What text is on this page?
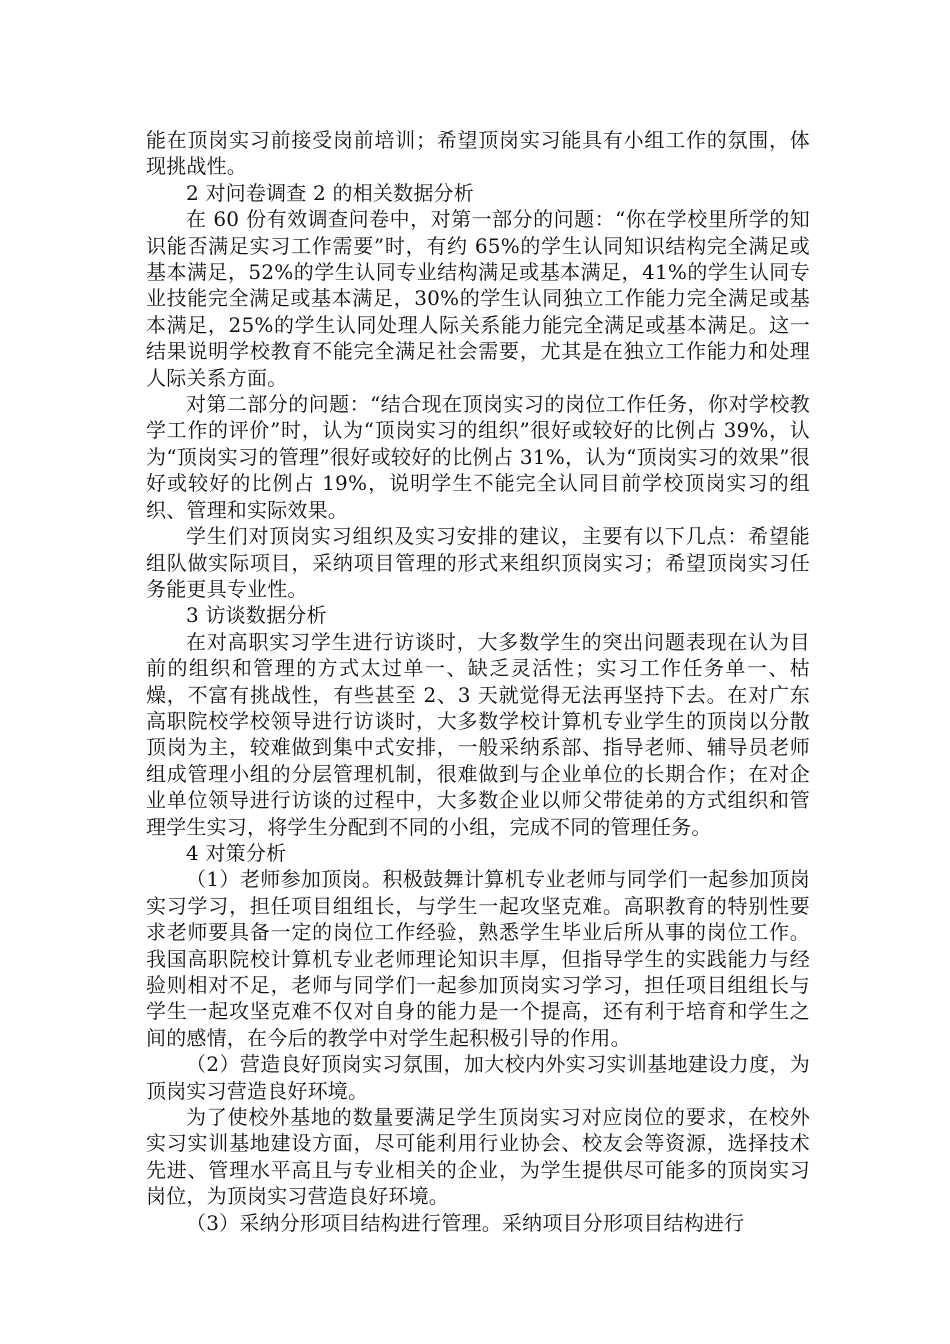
能在顶岗实习前接受岗前培训；希望顶岗实习能具有小组工作的氛围，体现挑战性。

2 对问卷调查 2 的相关数据分析

在 60 份有效调查问卷中，对第一部分的问题：“你在学校里所学的知识能否满足实习工作需要”时，有约 65%的学生认同知识结构完全满足或基本满足，52%的学生认同专业结构满足或基本满足，41%的学生认同专业技能完全满足或基本满足，30%的学生认同独立工作能力完全满足或基本满足，25%的学生认同处理人际关系能力能完全满足或基本满足。这一结果说明学校教育不能完全满足社会需要，尤其是在独立工作能力和处理人际关系方面。

对第二部分的问题：“结合现在顶岗实习的岗位工作任务，你对学校教学工作的评价”时，认为“顶岗实习的组织”很好或较好的比例占 39%，认为“顶岗实习的管理”很好或较好的比例占 31%，认为“顶岗实习的效果”很好或较好的比例占 19%，说明学生不能完全认同目前学校顶岗实习的组织、管理和实际效果。

学生们对顶岗实习组织及实习安排的建议，主要有以下几点：希望能组队做实际项目，采纳项目管理的形式来组织顶岗实习；希望顶岗实习任务能更具专业性。

3 访谈数据分析

在对高职实习学生进行访谈时，大多数学生的突出问题表现在认为目前的组织和管理的方式太过单一、缺乏灵活性；实习工作任务单一、枯燥，不富有挑战性，有些甚至 2、3 天就觉得无法再坚持下去。在对广东高职院校学校领导进行访谈时，大多数学校计算机专业学生的顶岗以分散顶岗为主，较难做到集中式安排，一般采纳系部、指导老师、辅导员老师组成管理小组的分层管理机制，很难做到与企业单位的长期合作；在对企业单位领导进行访谈的过程中，大多数企业以师父带徒弟的方式组织和管理学生实习，将学生分配到不同的小组，完成不同的管理任务。

4 对策分析

（1）老师参加顶岗。积极鼓舞计算机专业老师与同学们一起参加顶岗实习学习，担任项目组组长，与学生一起攻坚克难。高职教育的特别性要求老师要具备一定的岗位工作经验，熟悉学生毕业后所从事的岗位工作。我国高职院校计算机专业老师理论知识丰厚，但指导学生的实践能力与经验则相对不足，老师与同学们一起参加顶岗实习学习，担任项目组组长与学生一起攻坚克难不仅对自身的能力是一个提高，还有利于培育和学生之间的感情，在今后的教学中对学生起积极引导的作用。

（2）营造良好顶岗实习氛围，加大校内外实习实训基地建设力度，为顶岗实习营造良好环境。

为了使校外基地的数量要满足学生顶岗实习对应岗位的要求，在校外实习实训基地建设方面，尽可能利用行业协会、校友会等资源，选择技术先进、管理水平高且与专业相关的企业，为学生提供尽可能多的顶岗实习岗位，为顶岗实习营造良好环境。

（3）采纳分形项目结构进行管理。采纳项目分形项目结构进行
